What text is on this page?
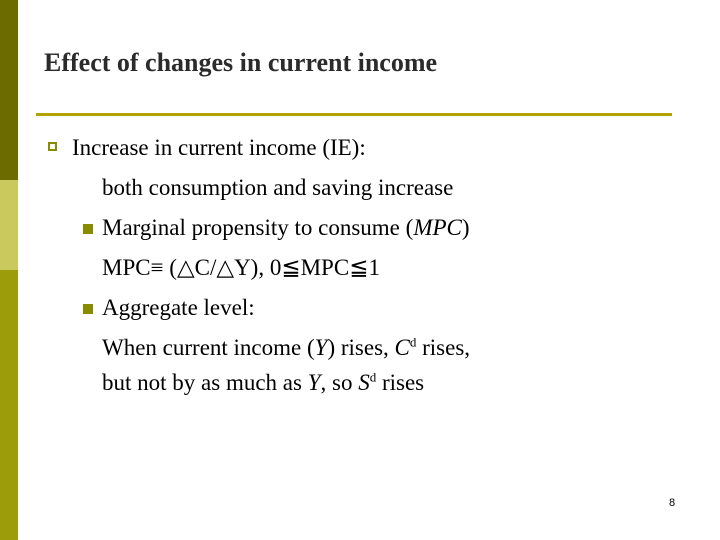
Effect of changes in current income
Increase in current income (IE):
both consumption and saving increase
Marginal propensity to consume (MPC)
MPC≡ (△C/△Y), 0≦MPC≦1
Aggregate level:
When current income (Y) rises, $C^d$ rises,
but not by as much as Y, so $S^d$ rises
8
